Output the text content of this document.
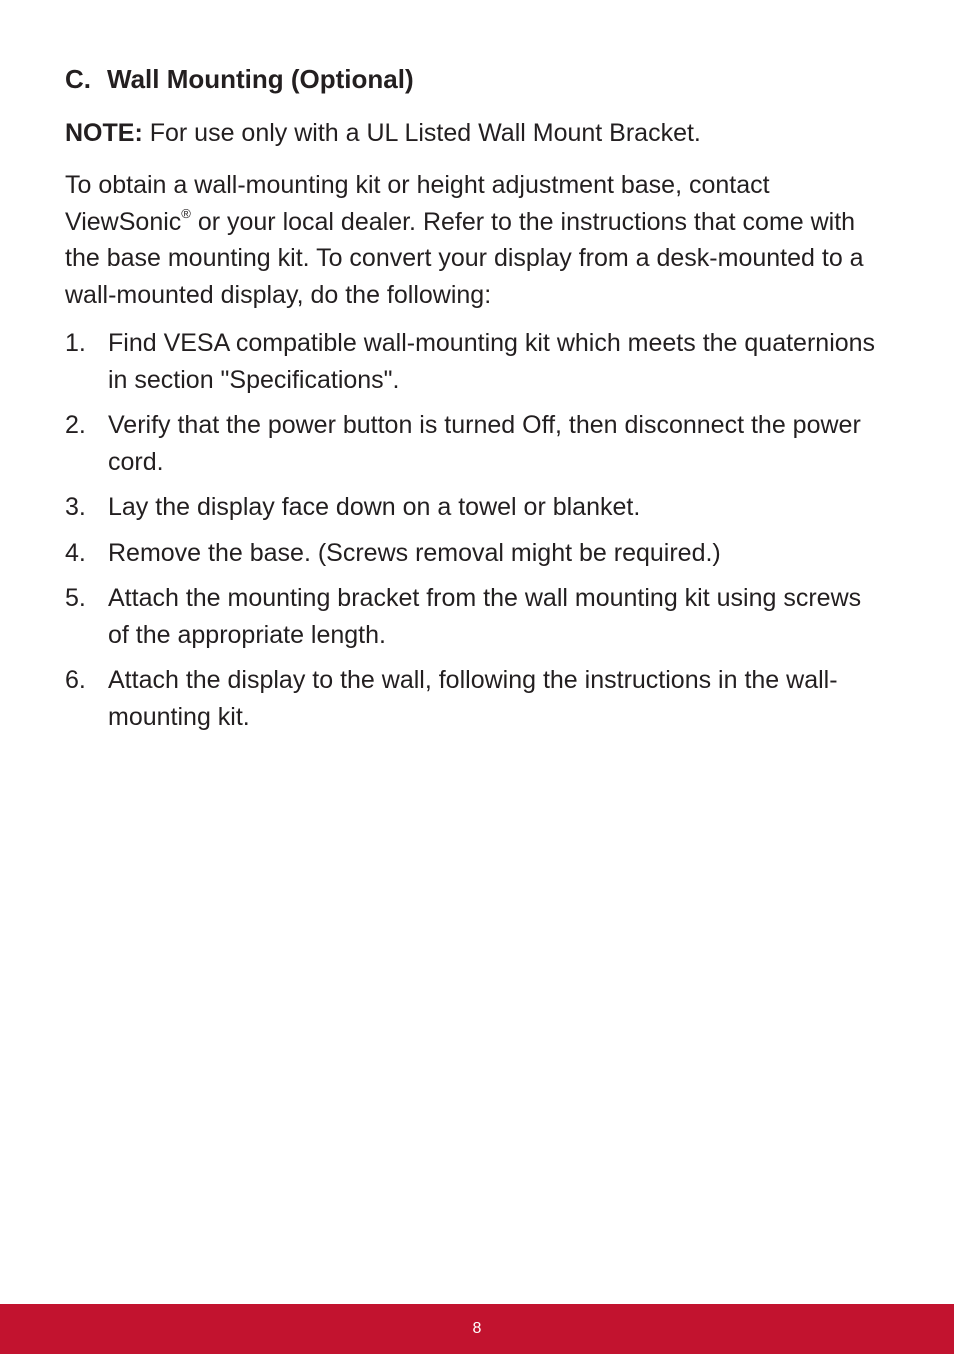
C. Wall Mounting (Optional)
NOTE: For use only with a UL Listed Wall Mount Bracket.
To obtain a wall-mounting kit or height adjustment base, contact ViewSonic® or your local dealer. Refer to the instructions that come with the base mounting kit. To convert your display from a desk-mounted to a wall-mounted display, do the following:
1. Find VESA compatible wall-mounting kit which meets the quaternions in section "Specifications".
2. Verify that the power button is turned Off, then disconnect the power cord.
3. Lay the display face down on a towel or blanket.
4. Remove the base. (Screws removal might be required.)
5. Attach the mounting bracket from the wall mounting kit using screws of the appropriate length.
6. Attach the display to the wall, following the instructions in the wall-mounting kit.
8
